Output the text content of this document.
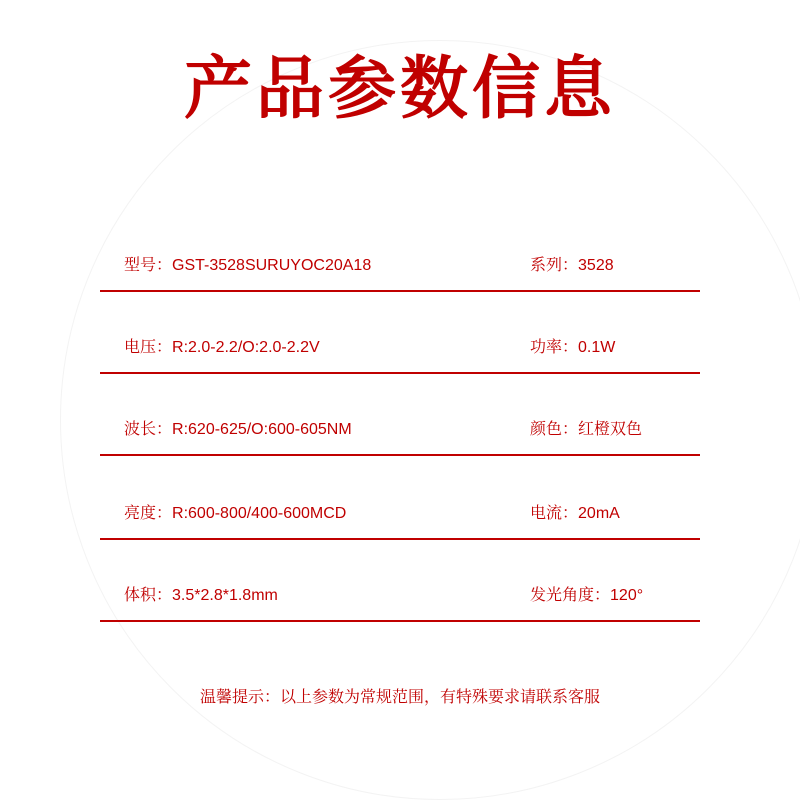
产品参数信息
型号：GST-3528SURUYOC20A18	系列：3528
电压：R:2.0-2.2/O:2.0-2.2V	功率：0.1W
波长：R:620-625/O:600-605NM	颜色：红橙双色
亮度：R:600-800/400-600MCD	电流：20mA
体积：3.5*2.8*1.8mm	发光角度：120°
温馨提示：以上参数为常规范围，有特殊要求请联系客服
